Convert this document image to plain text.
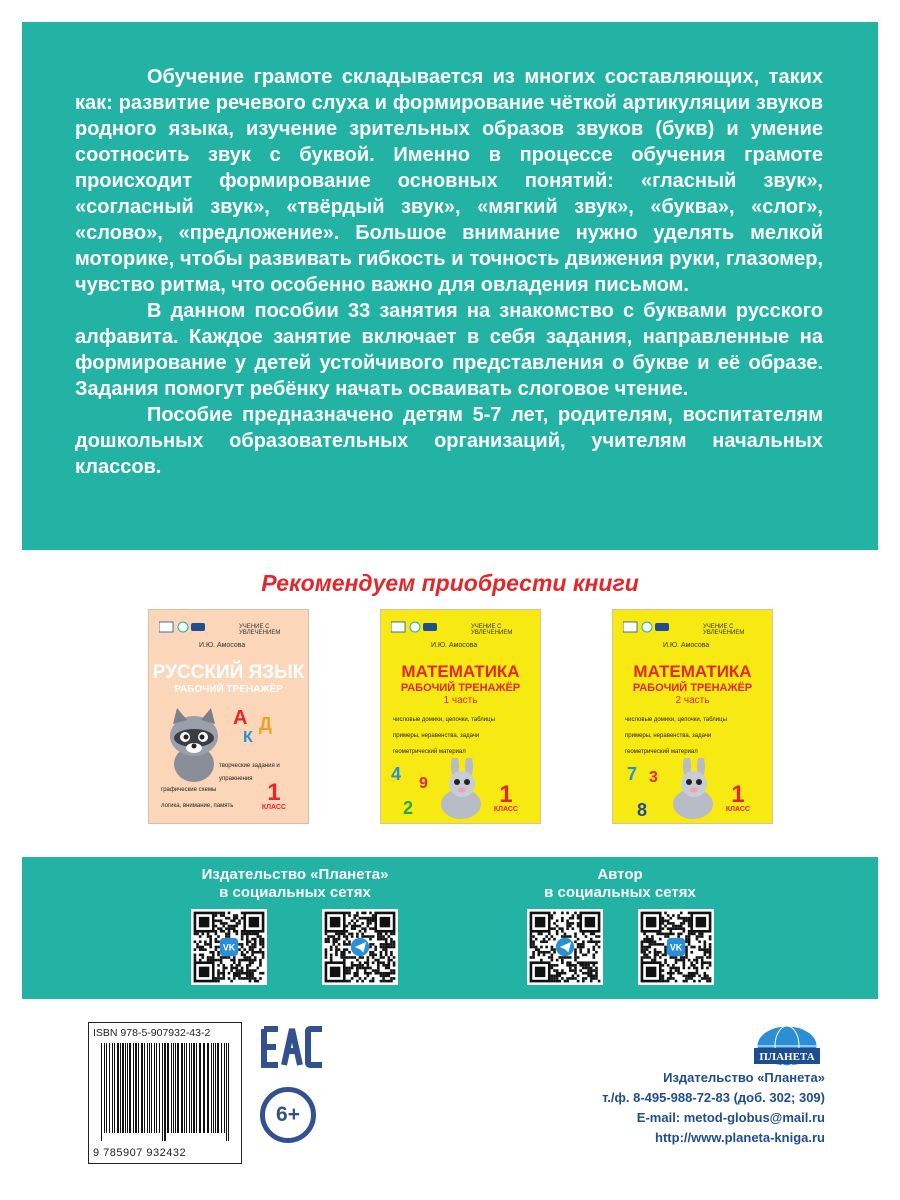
Обучение грамоте складывается из многих составляющих, таких как: развитие речевого слуха и формирование чёткой артикуляции звуков родного языка, изучение зрительных образов звуков (букв) и умение соотносить звук с буквой. Именно в процессе обучения грамоте происходит формирование основных понятий: «гласный звук», «согласный звук», «твёрдый звук», «мягкий звук», «буква», «слог», «слово», «предложение». Большое внимание нужно уделять мелкой моторике, чтобы развивать гибкость и точность движения руки, глазомер, чувство ритма, что особенно важно для овладения письмом.

В данном пособии 33 занятия на знакомство с буквами русского алфавита. Каждое занятие включает в себя задания, направленные на формирование у детей устойчивого представления о букве и её образе. Задания помогут ребёнку начать осваивать слоговое чтение.

Пособие предназначено детям 5-7 лет, родителям, воспитателям дошкольных образовательных организаций, учителям начальных классов.

Рекомендуем приобрести книги
УЧЕНИЕ С УВЛЕЧЕНИЕМ
И.Ю. Амосова
РУССКИЙ ЯЗЫК
РАБОЧИЙ ТРЕНАЖЁР
А Д
К
творческие задания и упражнения
графические схемы
логика, внимание, память 1
КЛАСС
УЧЕНИЕ С УВЛЕЧЕНИЕМ
И.Ю. Амосова
МАТЕМАТИКА
РАБОЧИЙ ТРЕНАЖЁР
1 часть
числовые домики, цепочки, таблицы
примеры, неравенства, задачи
геометрический материал
4 9
2	1
КЛАСС
УЧЕНИЕ С УВЛЕЧЕНИЕМ
И.Ю. Амосова
МАТЕМАТИКА
РАБОЧИЙ ТРЕНАЖЁР
2 часть
числовые домики, цепочки, таблицы
примеры, неравенства, задачи
геометрический материал
7 3
8
1
КЛАСС
Издательство «Планета»
в социальных сетях
Автор
в социальных сетях
VK	VK
ISBN 978-5-907932-43-2
9 785907 932432
6+
ПЛАНЕТА
Издательство «Планета»
т./ф. 8-495-988-72-83 (доб. 302; 309)
E-mail: metod-globus@mail.ru
http://www.planeta-kniga.ru
